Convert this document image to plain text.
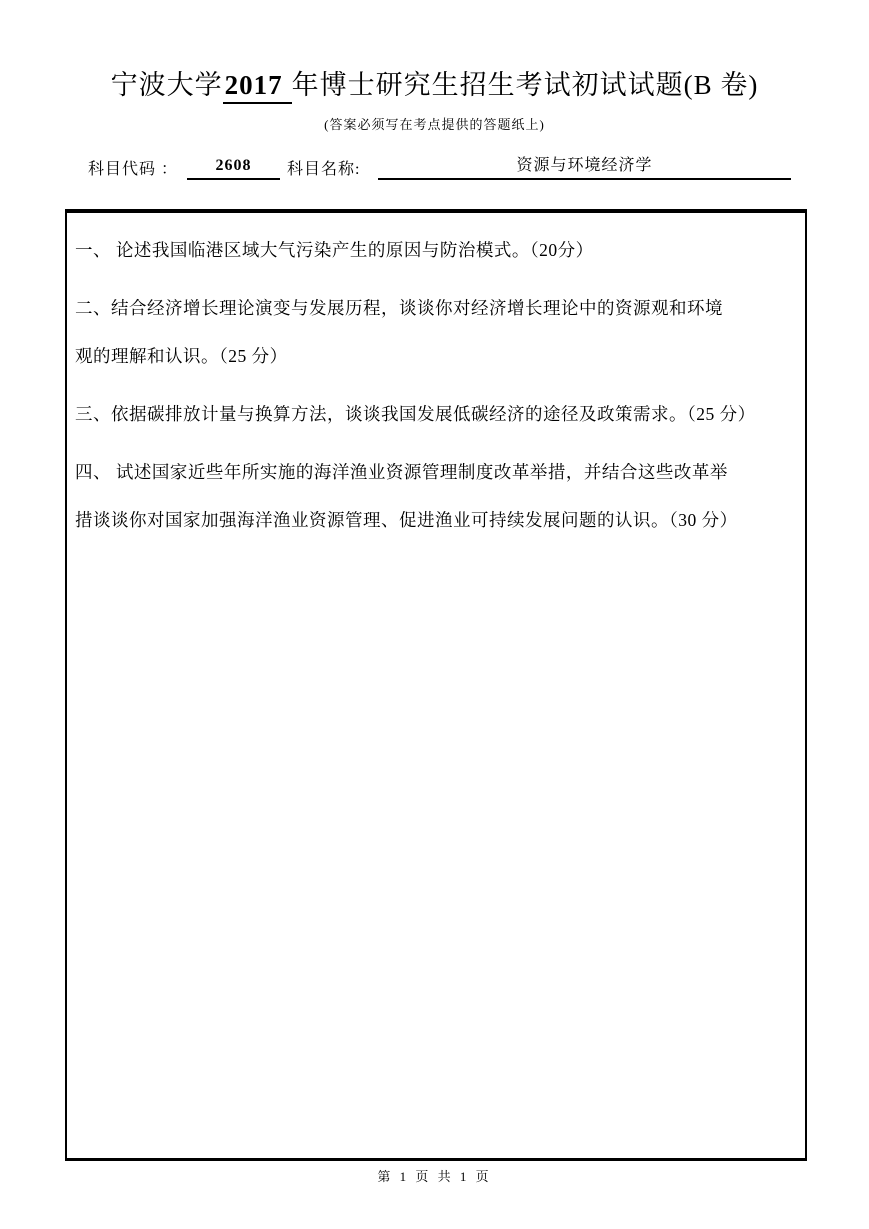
宁波大学2017 年博士研究生招生考试初试试题(B 卷)
(答案必须写在考点提供的答题纸上)
科目代码 ：	2608	科目名称:	资源与环境经济学
一、 论述我国临港区域大气污染产生的原因与防治模式。（20分）
二、结合经济增长理论演变与发展历程，谈谈你对经济增长理论中的资源观和环境
观的理解和认识。（25 分）
三、依据碳排放计量与换算方法，谈谈我国发展低碳经济的途径及政策需求。（25 分）
四、 试述国家近些年所实施的海洋渔业资源管理制度改革举措，并结合这些改革举
措谈谈你对国家加强海洋渔业资源管理、促进渔业可持续发展问题的认识。（30 分）
第 1 页 共 1 页
